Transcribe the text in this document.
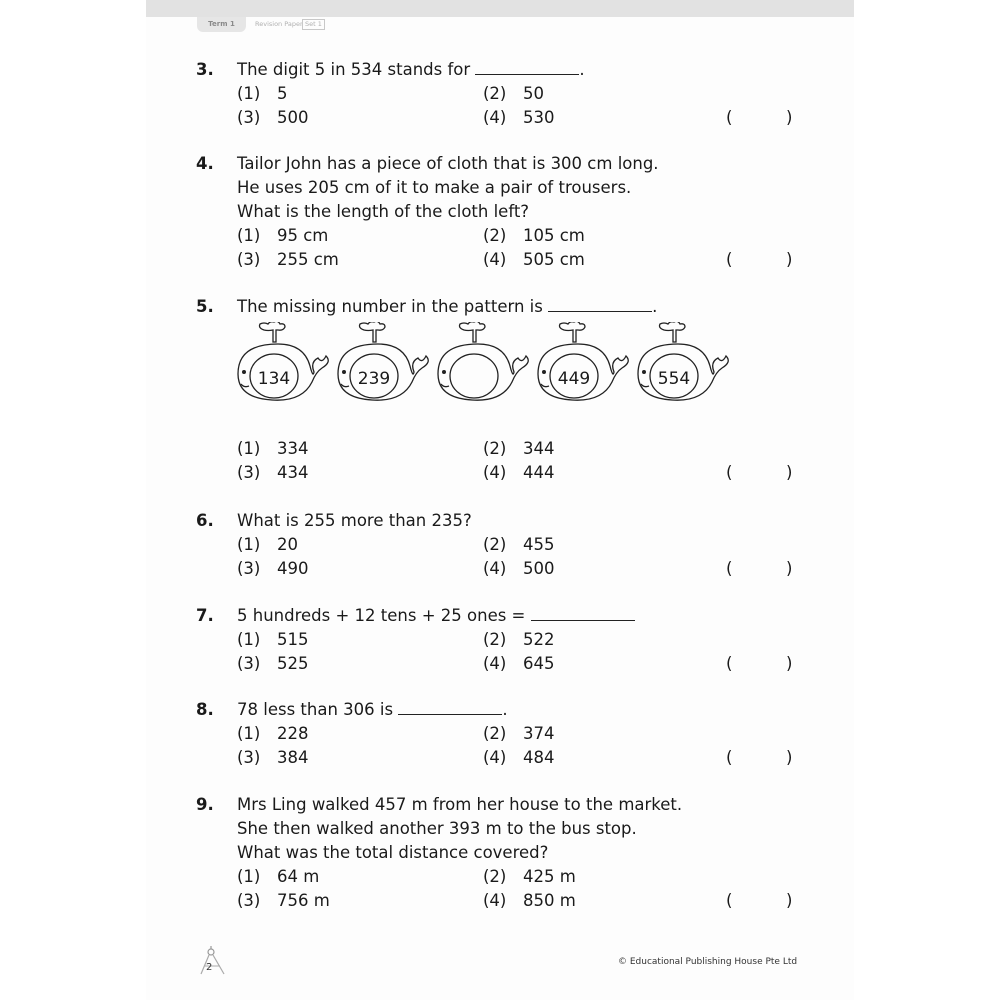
Term 1	Revision Paper Set 1
3. The digit 5 in 534 stands for	.
(1) 5	(2) 50
(3) 500	(4) 530	(	)
4. Tailor John has a piece of cloth that is 300 cm long.
He uses 205 cm of it to make a pair of trousers.
What is the length of the cloth left?
(1) 95 cm	(2) 105 cm
(3) 255 cm	(4) 505 cm	(	)
5. The missing number in the pattern is	.
(1) 334	(2) 344
(3) 434	(4) 444	(	)
6. What is 255 more than 235?
(1) 20	(2) 455
(3) 490	(4) 500	(	)
7. 5 hundreds + 12 tens + 25 ones =
(1) 515	(2) 522
(3) 525	(4) 645	(	)
8. 78 less than 306 is	.
(1) 228	(2) 374
(3) 384	(4) 484	(	)
9. Mrs Ling walked 457 m from her house to the market.
She then walked another 393 m to the bus stop.
What was the total distance covered?
(1) 64 m	(2) 425 m
(3) 756 m	(4) 850 m	(	)
134	239	449	554
2	© Educational Publishing House Pte Ltd
